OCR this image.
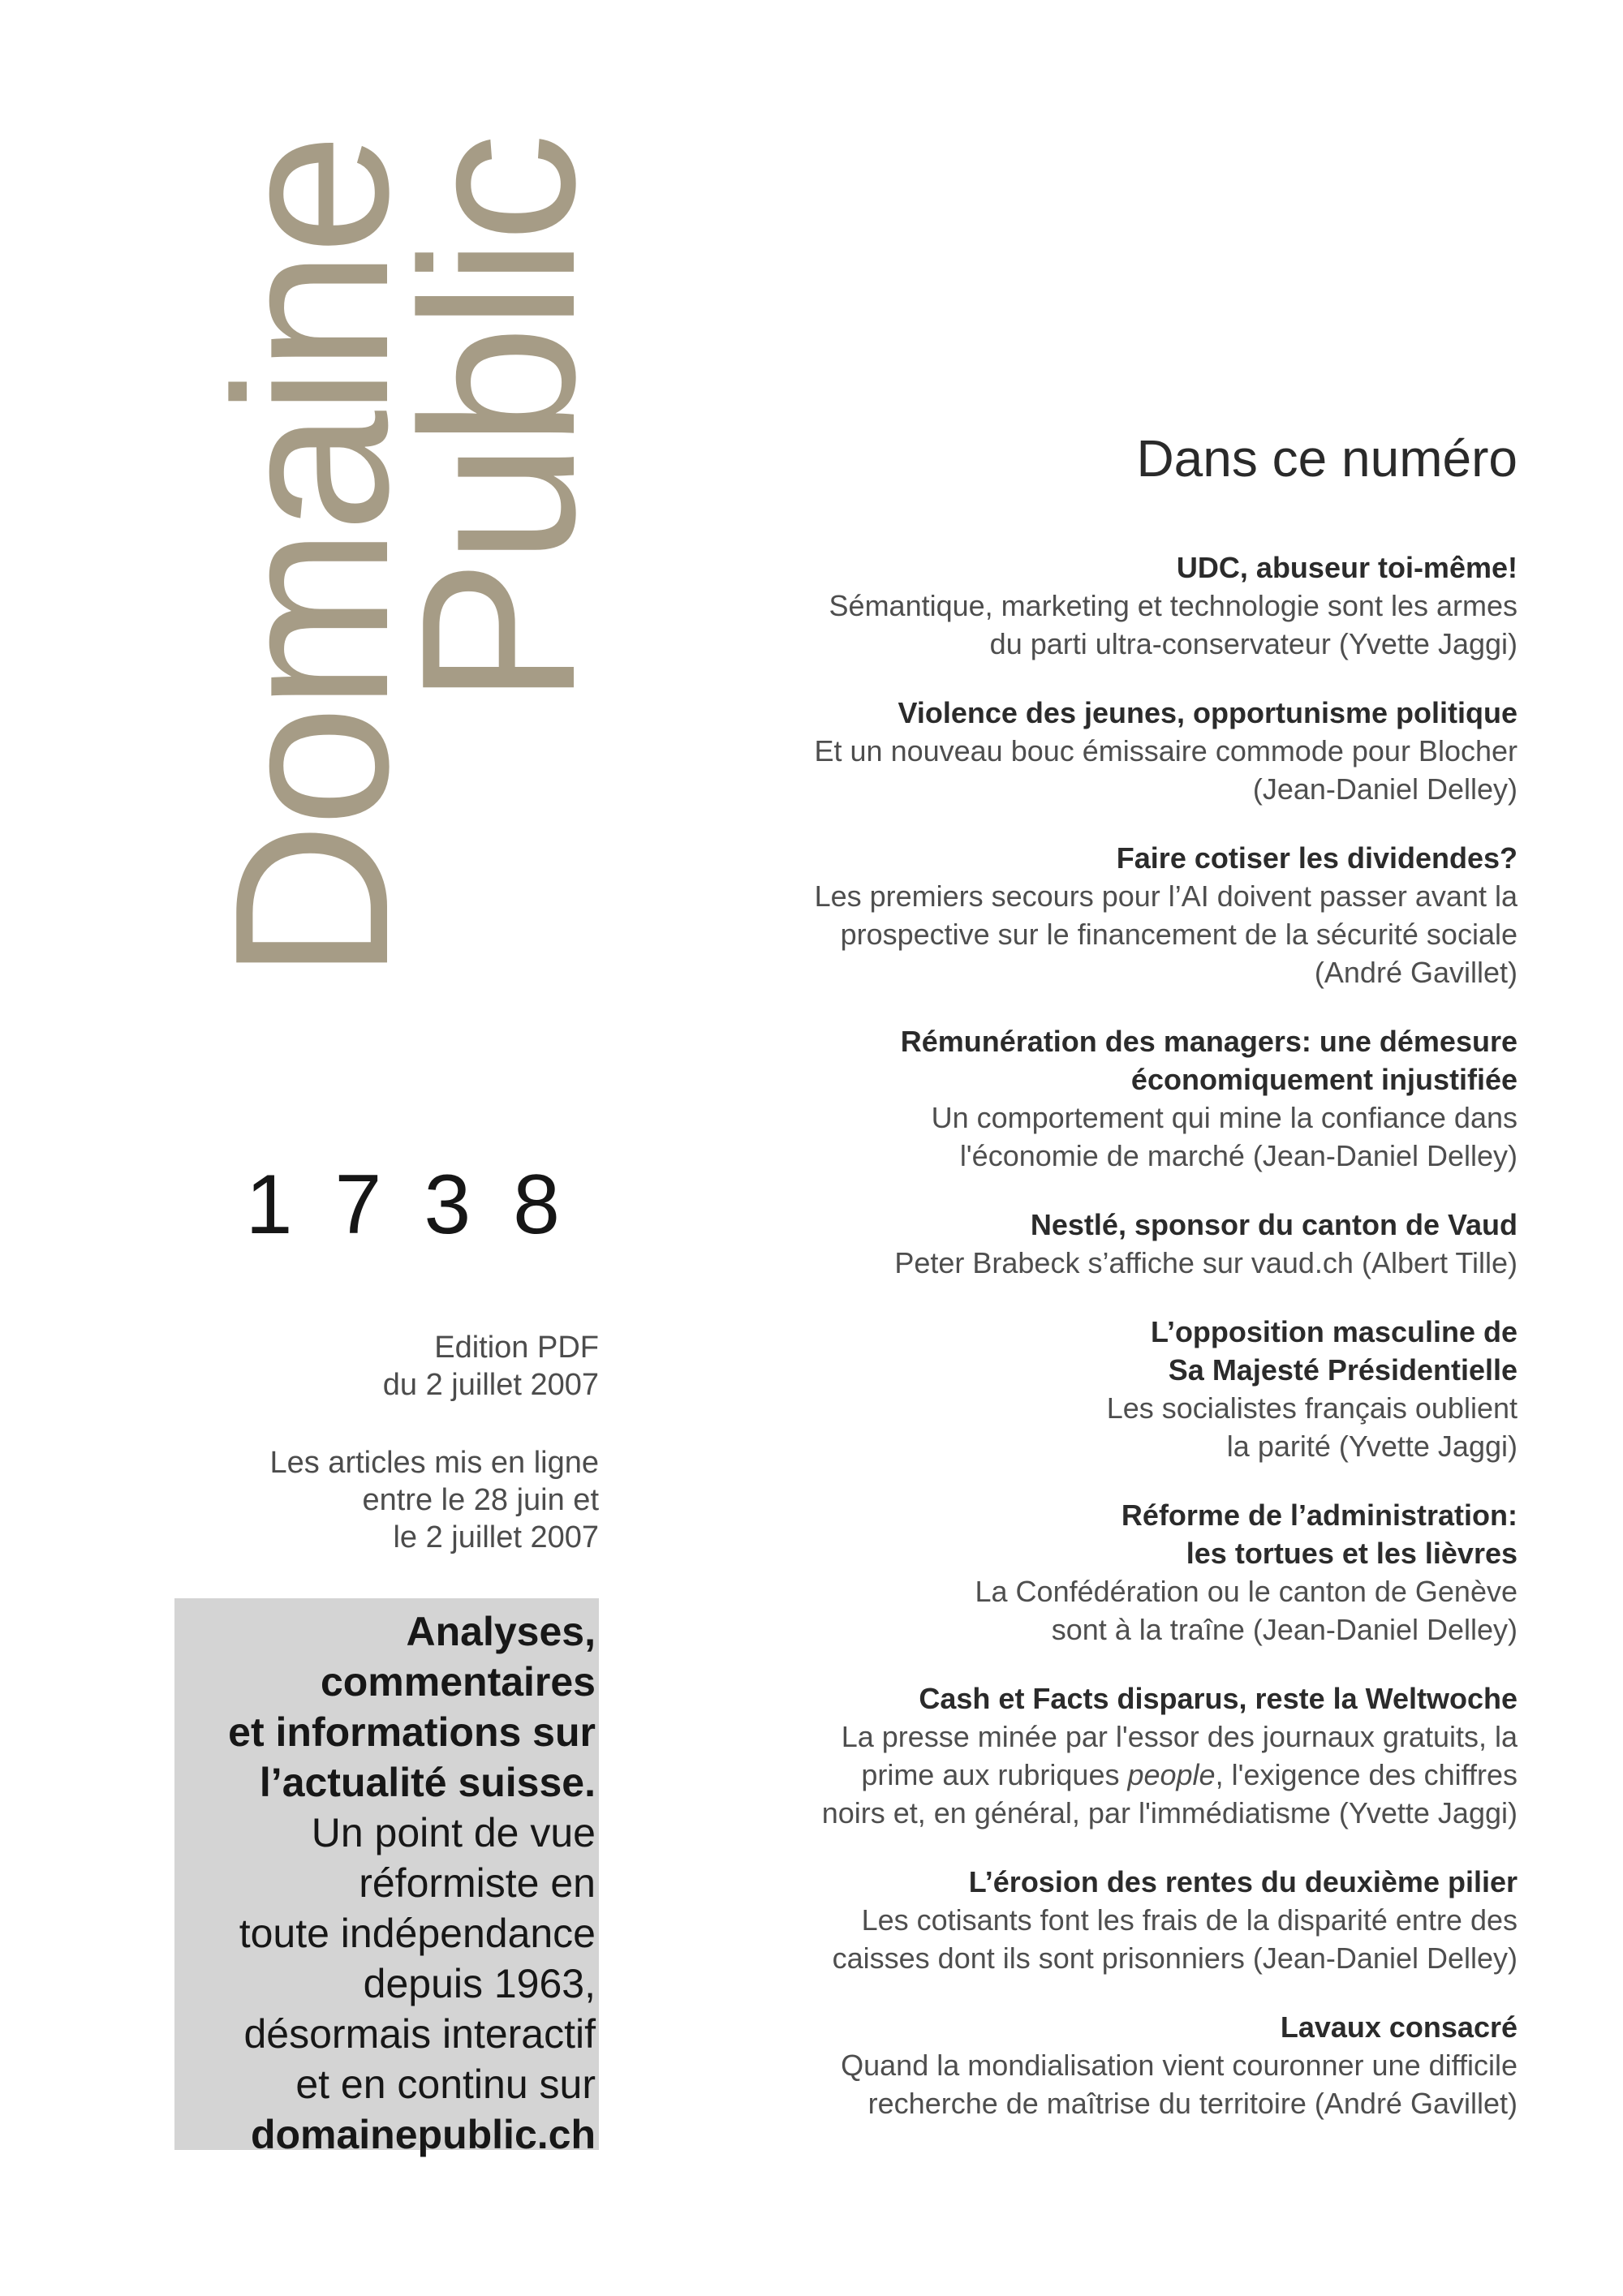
Domaine
Public
1738
Edition PDF
du 2 juillet 2007
Les articles mis en ligne
entre le 28 juin et
le 2 juillet 2007
Analyses,
commentaires
et informations sur
l’actualité suisse.
Un point de vue
réformiste en
toute indépendance
depuis 1963,
désormais interactif
et en continu sur
domainepublic.ch
Dans ce numéro
UDC, abuseur toi-même!
Sémantique, marketing et technologie sont les armes
du parti ultra-conservateur (Yvette Jaggi)
Violence des jeunes, opportunisme politique
Et un nouveau bouc émissaire commode pour Blocher
(Jean-Daniel Delley)
Faire cotiser les dividendes?
Les premiers secours pour l’AI doivent passer avant la
prospective sur le financement de la sécurité sociale
(André Gavillet)
Rémunération des managers: une démesure
économiquement injustifiée
Un comportement qui mine la confiance dans
l'économie de marché (Jean-Daniel Delley)
Nestlé, sponsor du canton de Vaud
Peter Brabeck s’affiche sur vaud.ch (Albert Tille)
L’opposition masculine de
Sa Majesté Présidentielle
Les socialistes français oublient
la parité (Yvette Jaggi)
Réforme de l’administration:
les tortues et les lièvres
La Confédération ou le canton de Genève
sont à la traîne (Jean-Daniel Delley)
Cash et Facts disparus, reste la Weltwoche
La presse minée par l'essor des journaux gratuits, la
prime aux rubriques people, l'exigence des chiffres
noirs et, en général, par l'immédiatisme (Yvette Jaggi)
L’érosion des rentes du deuxième pilier
Les cotisants font les frais de la disparité entre des
caisses dont ils sont prisonniers (Jean-Daniel Delley)
Lavaux consacré
Quand la mondialisation vient couronner une difficile
recherche de maîtrise du territoire (André Gavillet)
